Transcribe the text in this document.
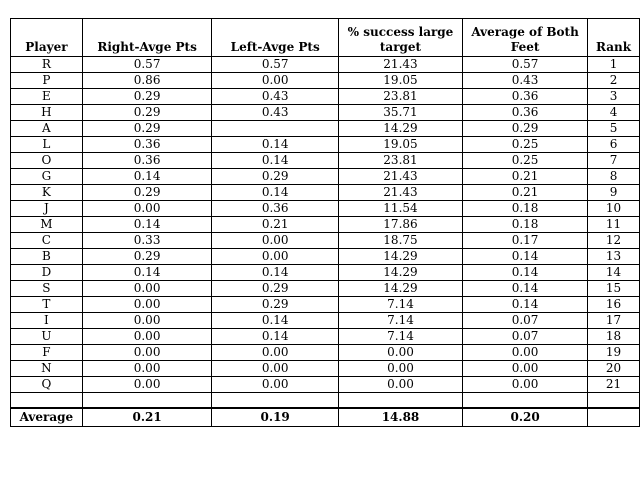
Player	Right-Avge Pts	Left-Avge Pts	% success large target	Average of Both Feet	Rank
R	0.57	0.57	21.43	0.57	1
P	0.86	0.00	19.05	0.43	2
E	0.29	0.43	23.81	0.36	3
H	0.29	0.43	35.71	0.36	4
A	0.29		14.29	0.29	5
L	0.36	0.14	19.05	0.25	6
O	0.36	0.14	23.81	0.25	7
G	0.14	0.29	21.43	0.21	8
K	0.29	0.14	21.43	0.21	9
J	0.00	0.36	11.54	0.18	10
M	0.14	0.21	17.86	0.18	11
C	0.33	0.00	18.75	0.17	12
B	0.29	0.00	14.29	0.14	13
D	0.14	0.14	14.29	0.14	14
S	0.00	0.29	14.29	0.14	15
T	0.00	0.29	7.14	0.14	16
I	0.00	0.14	7.14	0.07	17
U	0.00	0.14	7.14	0.07	18
F	0.00	0.00	0.00	0.00	19
N	0.00	0.00	0.00	0.00	20
Q	0.00	0.00	0.00	0.00	21

Average	0.21	0.19	14.88	0.20	
